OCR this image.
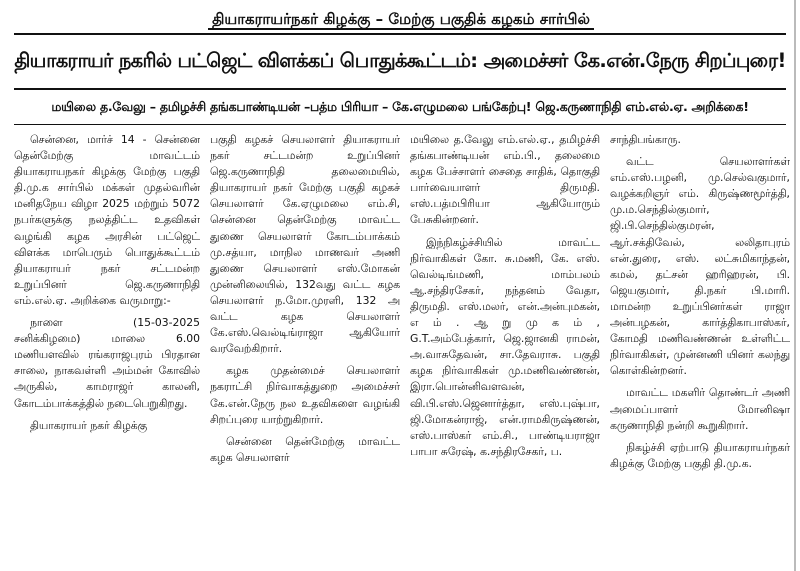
தியாகராயர்நகர் கிழக்கு – மேற்கு பகுதிக் கழகம் சார்பில்
தியாகராயர் நகரில் பட்ஜெட் விளக்கப் பொதுக்கூட்டம்: அமைச்சர் கே.என்.நேரு சிறப்புரை!
மயிலை த.வேலு – தமிழச்சி தங்கபாண்டியன் –பத்ம பிரியா – கே.எழுமலை பங்கேற்பு! ஜெ.கருணாநிதி எம்.எல்.ஏ. அறிக்கை!

சென்னை, மார்ச் 14 - சென்னை தென்மேற்கு மாவட்டம் தியாகராயநகர் கிழக்கு மேற்கு பகுதி தி.மு.க சார்பில் மக்கள் முதல்வரின் மனிதநேய விழா 2025 மற்றும் 5072 நபர்களுக்கு நலத்திட்ட உதவிகள் வழங்கி கழக அரசின் பட்ஜெட் விளக்க மாபெரும் பொதுக்கூட்டம் தியாகராயர் நகர் சட்டமன்ற உறுப்பினர் ஜெ.கருணாநிதி எம்.எல்.ஏ. அறிக்கை வருமாறு:-

நாளை (15-03-2025 சனிக்கிழமை) மாலை 6.00 மணியளவில் ரங்கராஜபுரம் பிரதான சாலை, நாகவள்ளி அம்மன் கோவில் அருகில், காமராஜர் காலனி, கோடம்பாக்கத்தில் நடைபெறுகிறது.

தியாகராயர் நகர் கிழக்கு

பகுதி கழகச் செயலாளர் தியாகராயர் நகர் சட்டமன்ற உறுப்பினர் ஜெ.கருணாநிதி தலைமையில், தியாகராயர் நகர் மேற்கு பகுதி கழகச் செயலாளர் கே.ஏழுமலை எம்.சி, சென்னை தென்மேற்கு மாவட்ட துணை செயலாளர் கோடம்பாக்கம் மு.சத்யா, மாநில மாணவர் அணி துணை செயலாளர் எஸ்.மோகன் முன்னிலையில், 132வது வட்ட கழக செயலாளர் ந.மோ.முரளி, 132 அ வட்ட கழக செயலாளர் கே.எஸ்.வெல்டிங்ராஜா ஆகியோர் வரவேற்கிறார்.

கழக முதன்மைச் செயலாளர் நகராட்சி நிர்வாகத்துறை அமைச்சர் கே.என்.நேரு நல உதவிகளை வழங்கி சிறப்புரை யாற்றுகிறார்.

சென்னை தென்மேற்கு மாவட்ட கழக செயலாளர்

மயிலை த.வேலு எம்.எல்.ஏ., தமிழச்சி தங்கபாண்டியன் எம்.பி., தலைமை கழக பேச்சாளர் சைதை சாதிக், தொகுதி பார்வையாளர் திருமதி. எஸ்.பத்மபிரியா ஆகியோரும் பேசுகின்றனர்.

இந்நிகழ்ச்சியில் மாவட்ட நிர்வாகிகள் கோ. சு.மணி, கே. எஸ். வெல்டிங்மணி, மாம்பலம் ஆ.சந்திரசேகர், நந்தனம் வேதா, திருமதி. எஸ்.மலர், என்.அன்புமகன், எ ம் . ஆ று மு க ம் , G.T.அம்பேத்கார், ஜெ.ஜானகி ராமன், அ.வாசுதேவன், சா.தேவராசு. பகுதி கழக நிர்வாகிகள் மு.மணிவண்ணன், இரா.பொன்னிவளவன், வி.பி.எஸ்.ஜெனார்த்தா, எஸ்.புஷ்பா, ஜி.மோகன்ராஜ், என்.ராமகிருஷ்ணன், எஸ்.பாஸ்கர் எம்.சி., பாண்டியராஜா பாபா சுரேஷ், க.சந்திரசேகர், ப.

சாந்திபங்காரு.

வட்ட செயலாளர்கள் எம்.எஸ்.பழனி, மு.செல்வகுமார், வழக்கறிஞர் எம். கிருஷ்ணமூர்த்தி, மு.ம.செந்தில்குமார், ஜி.பி.செந்தில்குமரன், ஆர்.சக்திவேல், லலிதாபுரம் என்.துரை, எஸ். லட்சுமிகாந்தன், கமல், தட்சன் ஹரிஹரன், பி. ஜெயகுமார், தி.நகர் பி.மாரி. மாமன்ற உறுப்பினர்கள் ராஜா அன்பழகன், கார்த்திகாபாஸ்கர், கோமதி மணிவண்ணன் உள்ளிட்ட நிர்வாகிகள், முன்னணி யினர் கலந்து கொள்கின்றனர்.

மாவட்ட மகளிர் தொண்டர் அணி அமைப்பாளர் மோனிஷா கருணாநிதி நன்றி கூறுகிறார்.

நிகழ்ச்சி ஏற்பாடு தியாகராயர்நகர் கிழக்கு மேற்கு பகுதி தி.மு.க.
